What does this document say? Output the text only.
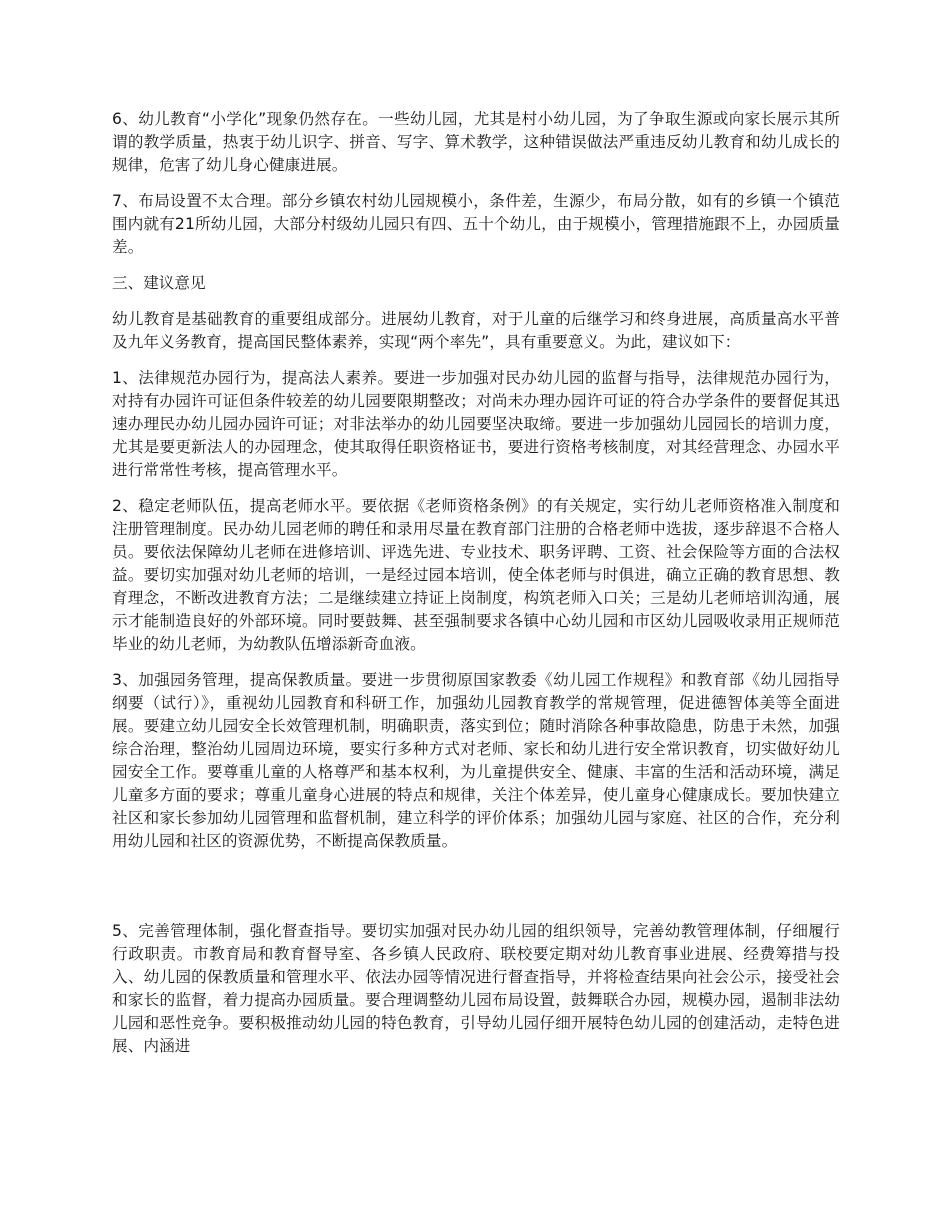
6、幼儿教育“小学化”现象仍然存在。一些幼儿园，尤其是村小幼儿园，为了争取生源或向家长展示其所谓的教学质量，热衷于幼儿识字、拼音、写字、算术教学，这种错误做法严重违反幼儿教育和幼儿成长的规律，危害了幼儿身心健康进展。

7、布局设置不太合理。部分乡镇农村幼儿园规模小，条件差，生源少，布局分散，如有的乡镇一个镇范围内就有21所幼儿园，大部分村级幼儿园只有四、五十个幼儿，由于规模小，管理措施跟不上，办园质量差。

三、建议意见

幼儿教育是基础教育的重要组成部分。进展幼儿教育，对于儿童的后继学习和终身进展，高质量高水平普及九年义务教育，提高国民整体素养，实现“两个率先”，具有重要意义。为此，建议如下：

1、法律规范办园行为，提高法人素养。要进一步加强对民办幼儿园的监督与指导，法律规范办园行为，对持有办园许可证但条件较差的幼儿园要限期整改；对尚未办理办园许可证的符合办学条件的要督促其迅速办理民办幼儿园办园许可证；对非法举办的幼儿园要坚决取缔。要进一步加强幼儿园园长的培训力度，尤其是要更新法人的办园理念，使其取得任职资格证书，要进行资格考核制度，对其经营理念、办园水平进行常常性考核，提高管理水平。

2、稳定老师队伍，提高老师水平。要依据《老师资格条例》的有关规定，实行幼儿老师资格准入制度和注册管理制度。民办幼儿园老师的聘任和录用尽量在教育部门注册的合格老师中选拔，逐步辞退不合格人员。要依法保障幼儿老师在进修培训、评选先进、专业技术、职务评聘、工资、社会保险等方面的合法权益。要切实加强对幼儿老师的培训，一是经过园本培训，使全体老师与时俱进，确立正确的教育思想、教育理念，不断改进教育方法；二是继续建立持证上岗制度，构筑老师入口关；三是幼儿老师培训沟通，展示才能制造良好的外部环境。同时要鼓舞、甚至强制要求各镇中心幼儿园和市区幼儿园吸收录用正规师范毕业的幼儿老师，为幼教队伍增添新奇血液。

3、加强园务管理，提高保教质量。要进一步贯彻原国家教委《幼儿园工作规程》和教育部《幼儿园指导纲要（试行）》，重视幼儿园教育和科研工作，加强幼儿园教育教学的常规管理，促进德智体美等全面进展。要建立幼儿园安全长效管理机制，明确职责，落实到位；随时消除各种事故隐患，防患于未然，加强综合治理，整治幼儿园周边环境，要实行多种方式对老师、家长和幼儿进行安全常识教育，切实做好幼儿园安全工作。要尊重儿童的人格尊严和基本权利，为儿童提供安全、健康、丰富的生活和活动环境，满足儿童多方面的要求；尊重儿童身心进展的特点和规律，关注个体差异，使儿童身心健康成长。要加快建立社区和家长参加幼儿园管理和监督机制，建立科学的评价体系；加强幼儿园与家庭、社区的合作，充分利用幼儿园和社区的资源优势，不断提高保教质量。

5、完善管理体制，强化督查指导。要切实加强对民办幼儿园的组织领导，完善幼教管理体制，仔细履行行政职责。市教育局和教育督导室、各乡镇人民政府、联校要定期对幼儿教育事业进展、经费筹措与投入、幼儿园的保教质量和管理水平、依法办园等情况进行督查指导，并将检查结果向社会公示，接受社会和家长的监督，着力提高办园质量。要合理调整幼儿园布局设置，鼓舞联合办园，规模办园，遏制非法幼儿园和恶性竞争。要积极推动幼儿园的特色教育，引导幼儿园仔细开展特色幼儿园的创建活动，走特色进展、内涵进
